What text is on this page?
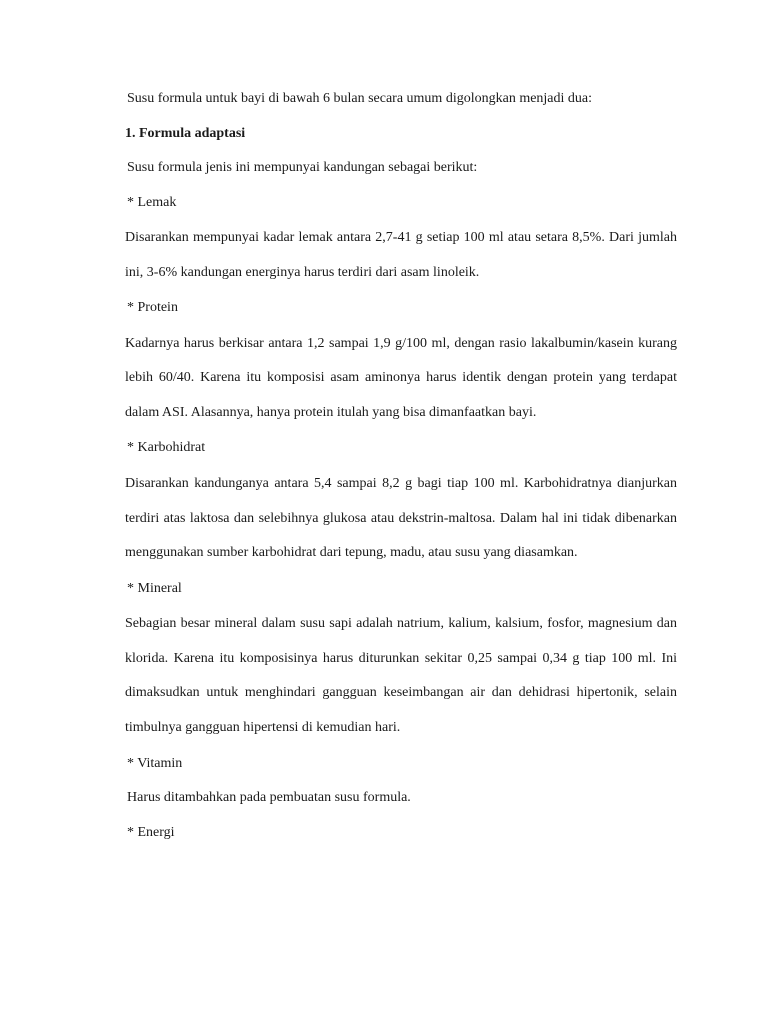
Susu formula untuk bayi di bawah 6 bulan secara umum digolongkan menjadi dua:

1. Formula adaptasi

Susu formula jenis ini mempunyai kandungan sebagai berikut:

* Lemak

Disarankan mempunyai kadar lemak antara 2,7-41 g setiap 100 ml atau setara 8,5%. Dari jumlah ini, 3-6% kandungan energinya harus terdiri dari asam linoleik.

* Protein

Kadarnya harus berkisar antara 1,2 sampai 1,9 g/100 ml, dengan rasio lakalbumin/kasein kurang lebih 60/40. Karena itu komposisi asam aminonya harus identik dengan protein yang terdapat dalam ASI. Alasannya, hanya protein itulah yang bisa dimanfaatkan bayi.

* Karbohidrat

Disarankan kandunganya antara 5,4 sampai 8,2 g bagi tiap 100 ml. Karbohidratnya dianjurkan terdiri atas laktosa dan selebihnya glukosa atau dekstrin-maltosa. Dalam hal ini tidak dibenarkan menggunakan sumber karbohidrat dari tepung, madu, atau susu yang diasamkan.

* Mineral

Sebagian besar mineral dalam susu sapi adalah natrium, kalium, kalsium, fosfor, magnesium dan klorida. Karena itu komposisinya harus diturunkan sekitar 0,25 sampai 0,34 g tiap 100 ml. Ini dimaksudkan untuk menghindari gangguan keseimbangan air dan dehidrasi hipertonik, selain timbulnya gangguan hipertensi di kemudian hari.

* Vitamin

Harus ditambahkan pada pembuatan susu formula.

* Energi
